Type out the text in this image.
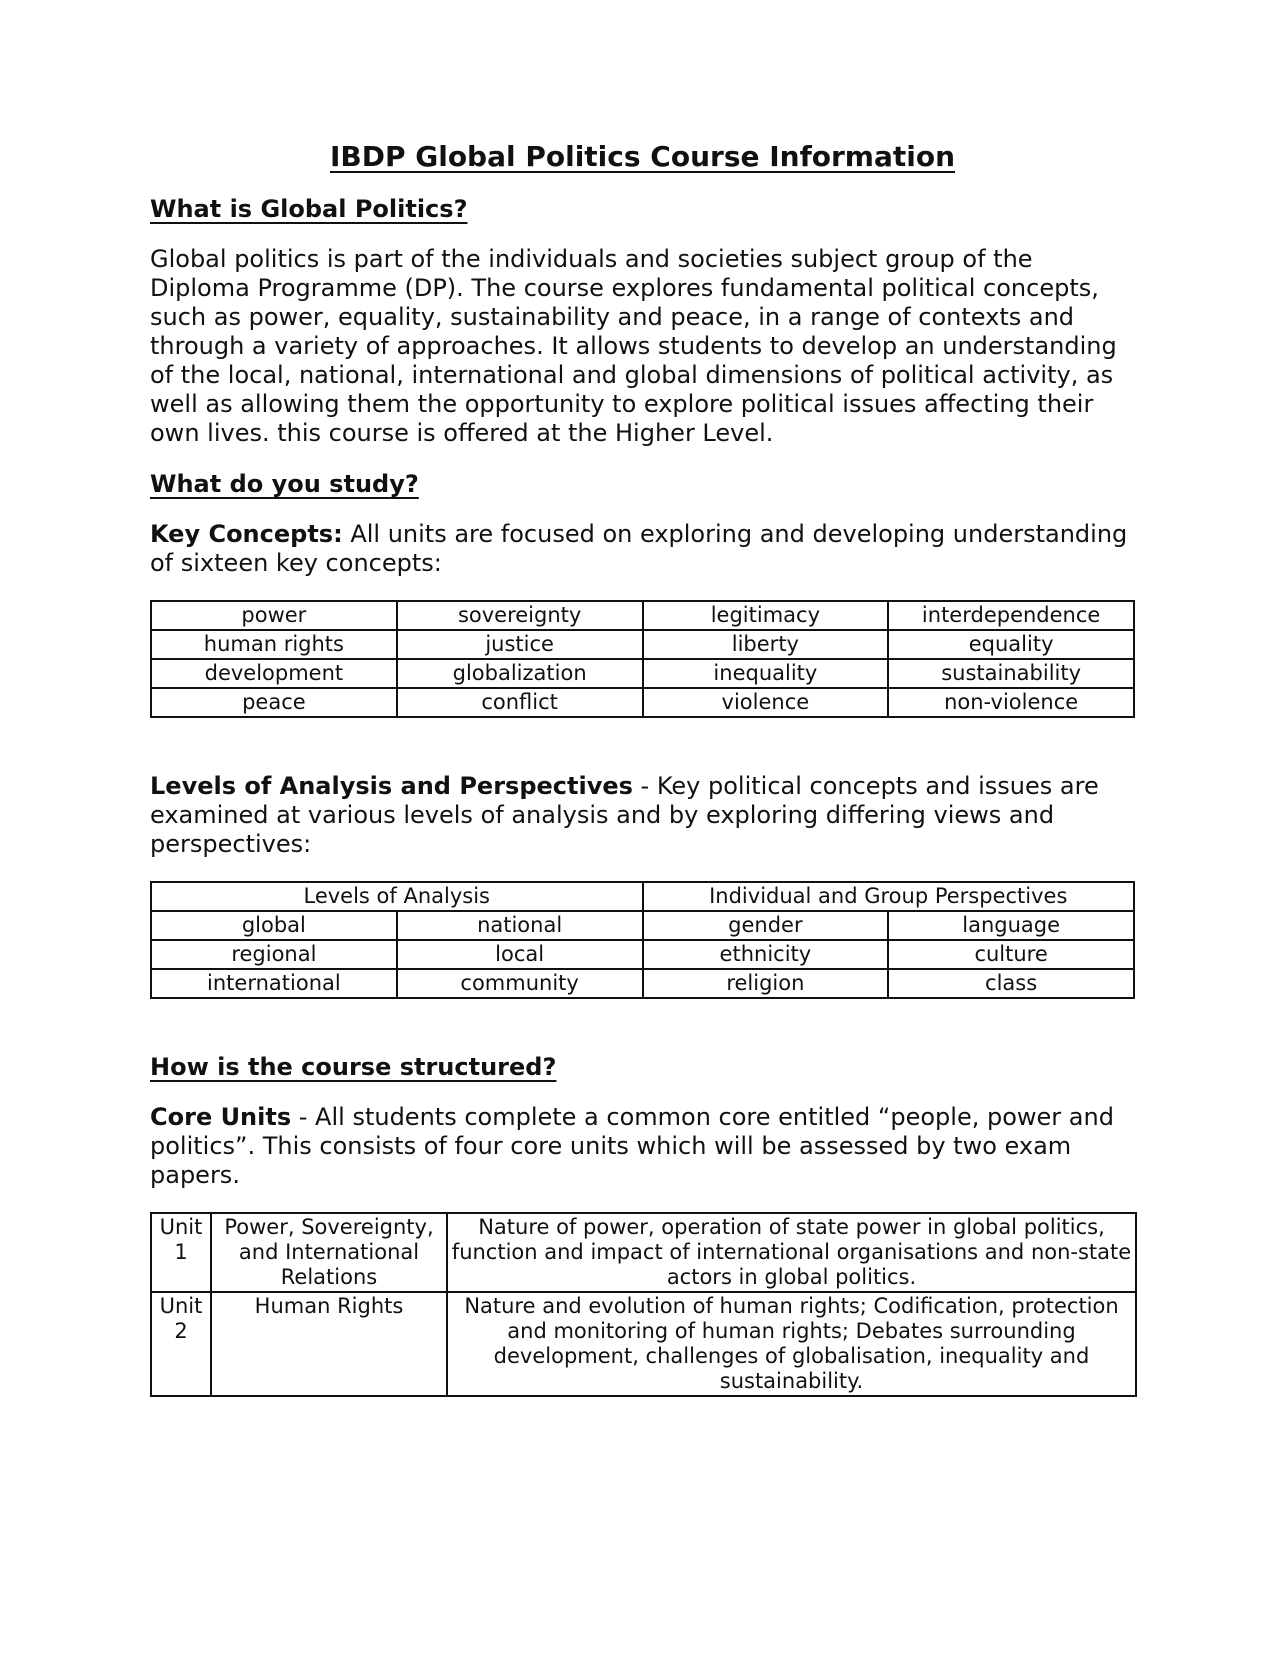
IBDP Global Politics Course Information
What is Global Politics?

Global politics is part of the individuals and societies subject group of the Diploma Programme (DP). The course explores fundamental political concepts, such as power, equality, sustainability and peace, in a range of contexts and through a variety of approaches. It allows students to develop an understanding of the local, national, international and global dimensions of political activity, as well as allowing them the opportunity to explore political issues affecting their own lives. this course is offered at the Higher Level.

What do you study?

Key Concepts: All units are focused on exploring and developing understanding of sixteen key concepts:

power	sovereignty	legitimacy	interdependence
human rights	justice	liberty	equality
development	globalization	inequality	sustainability
peace	conflict	violence	non-violence

Levels of Analysis and Perspectives - Key political concepts and issues are examined at various levels of analysis and by exploring differing views and perspectives:

Levels of Analysis		Individual and Group Perspectives	
global	national	gender	language
regional	local	ethnicity	culture
international	community	religion	class
How is the course structured?

Core Units - All students complete a common core entitled “people, power and politics”. This consists of four core units which will be assessed by two exam papers.

Unit 1	Power, Sovereignty, and International Relations	Nature of power, operation of state power in global politics, function and impact of international organisations and non-state actors in global politics.
Unit 2	Human Rights	Nature and evolution of human rights; Codification, protection and monitoring of human rights; Debates surrounding development, challenges of globalisation, inequality and sustainability.
